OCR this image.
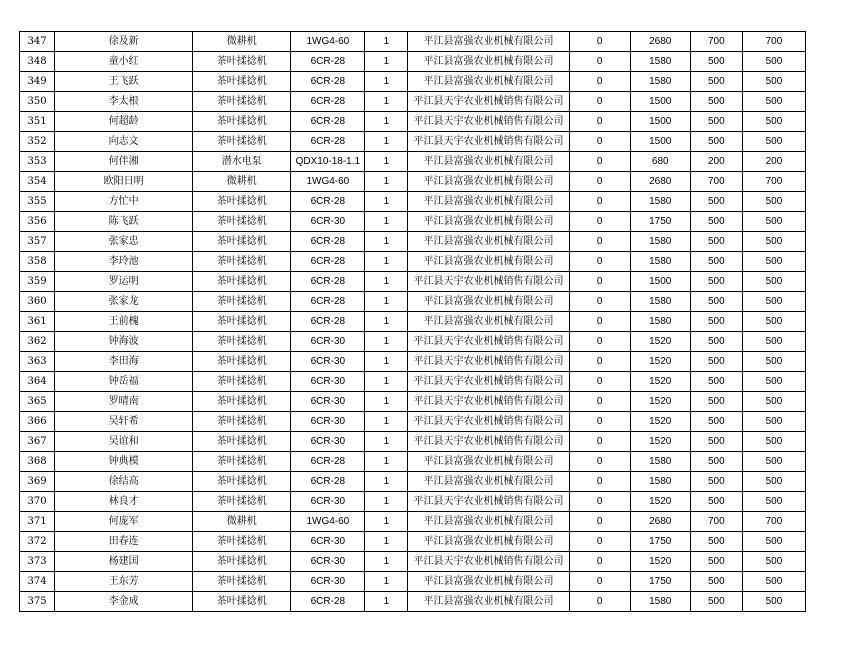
347	徐及新	微耕机	1WG4-60	1	平江县富强农业机械有限公司	0	2680	700	700
348	童小红	茶叶揉捻机	6CR-28	1	平江县富强农业机械有限公司	0	1580	500	500
349	王飞跃	茶叶揉捻机	6CR-28	1	平江县富强农业机械有限公司	0	1580	500	500
350	李太根	茶叶揉捻机	6CR-28	1	平江县天宇农业机械销售有限公司	0	1500	500	500
351	何超龄	茶叶揉捻机	6CR-28	1	平江县天宇农业机械销售有限公司	0	1500	500	500
352	向志文	茶叶揉捻机	6CR-28	1	平江县天宇农业机械销售有限公司	0	1500	500	500
353	何伴湘	潜水电泵	QDX10-18-1.1	1	平江县富强农业机械有限公司	0	680	200	200
354	欧阳日明	微耕机	1WG4-60	1	平江县富强农业机械有限公司	0	2680	700	700
355	方忙中	茶叶揉捻机	6CR-28	1	平江县富强农业机械有限公司	0	1580	500	500
356	陈飞跃	茶叶揉捻机	6CR-30	1	平江县富强农业机械有限公司	0	1750	500	500
357	张家忠	茶叶揉捻机	6CR-28	1	平江县富强农业机械有限公司	0	1580	500	500
358	李玲池	茶叶揉捻机	6CR-28	1	平江县富强农业机械有限公司	0	1580	500	500
359	罗运明	茶叶揉捻机	6CR-28	1	平江县天宇农业机械销售有限公司	0	1500	500	500
360	张家龙	茶叶揉捻机	6CR-28	1	平江县富强农业机械有限公司	0	1580	500	500
361	王前槐	茶叶揉捻机	6CR-28	1	平江县富强农业机械有限公司	0	1580	500	500
362	钟海波	茶叶揉捻机	6CR-30	1	平江县天宇农业机械销售有限公司	0	1520	500	500
363	李田海	茶叶揉捻机	6CR-30	1	平江县天宇农业机械销售有限公司	0	1520	500	500
364	钟岳福	茶叶揉捻机	6CR-30	1	平江县天宇农业机械销售有限公司	0	1520	500	500
365	罗晴南	茶叶揉捻机	6CR-30	1	平江县天宇农业机械销售有限公司	0	1520	500	500
366	吴轩希	茶叶揉捻机	6CR-30	1	平江县天宇农业机械销售有限公司	0	1520	500	500
367	吴谊和	茶叶揉捻机	6CR-30	1	平江县天宇农业机械销售有限公司	0	1520	500	500
368	钟典模	茶叶揉捻机	6CR-28	1	平江县富强农业机械有限公司	0	1580	500	500
369	徐结高	茶叶揉捻机	6CR-28	1	平江县富强农业机械有限公司	0	1580	500	500
370	林良才	茶叶揉捻机	6CR-30	1	平江县天宇农业机械销售有限公司	0	1520	500	500
371	何庞军	微耕机	1WG4-60	1	平江县富强农业机械有限公司	0	2680	700	700
372	田春连	茶叶揉捻机	6CR-30	1	平江县富强农业机械有限公司	0	1750	500	500
373	杨建国	茶叶揉捻机	6CR-30	1	平江县天宇农业机械销售有限公司	0	1520	500	500
374	王东芳	茶叶揉捻机	6CR-30	1	平江县富强农业机械有限公司	0	1750	500	500
375	李金成	茶叶揉捻机	6CR-28	1	平江县富强农业机械有限公司	0	1580	500	500
